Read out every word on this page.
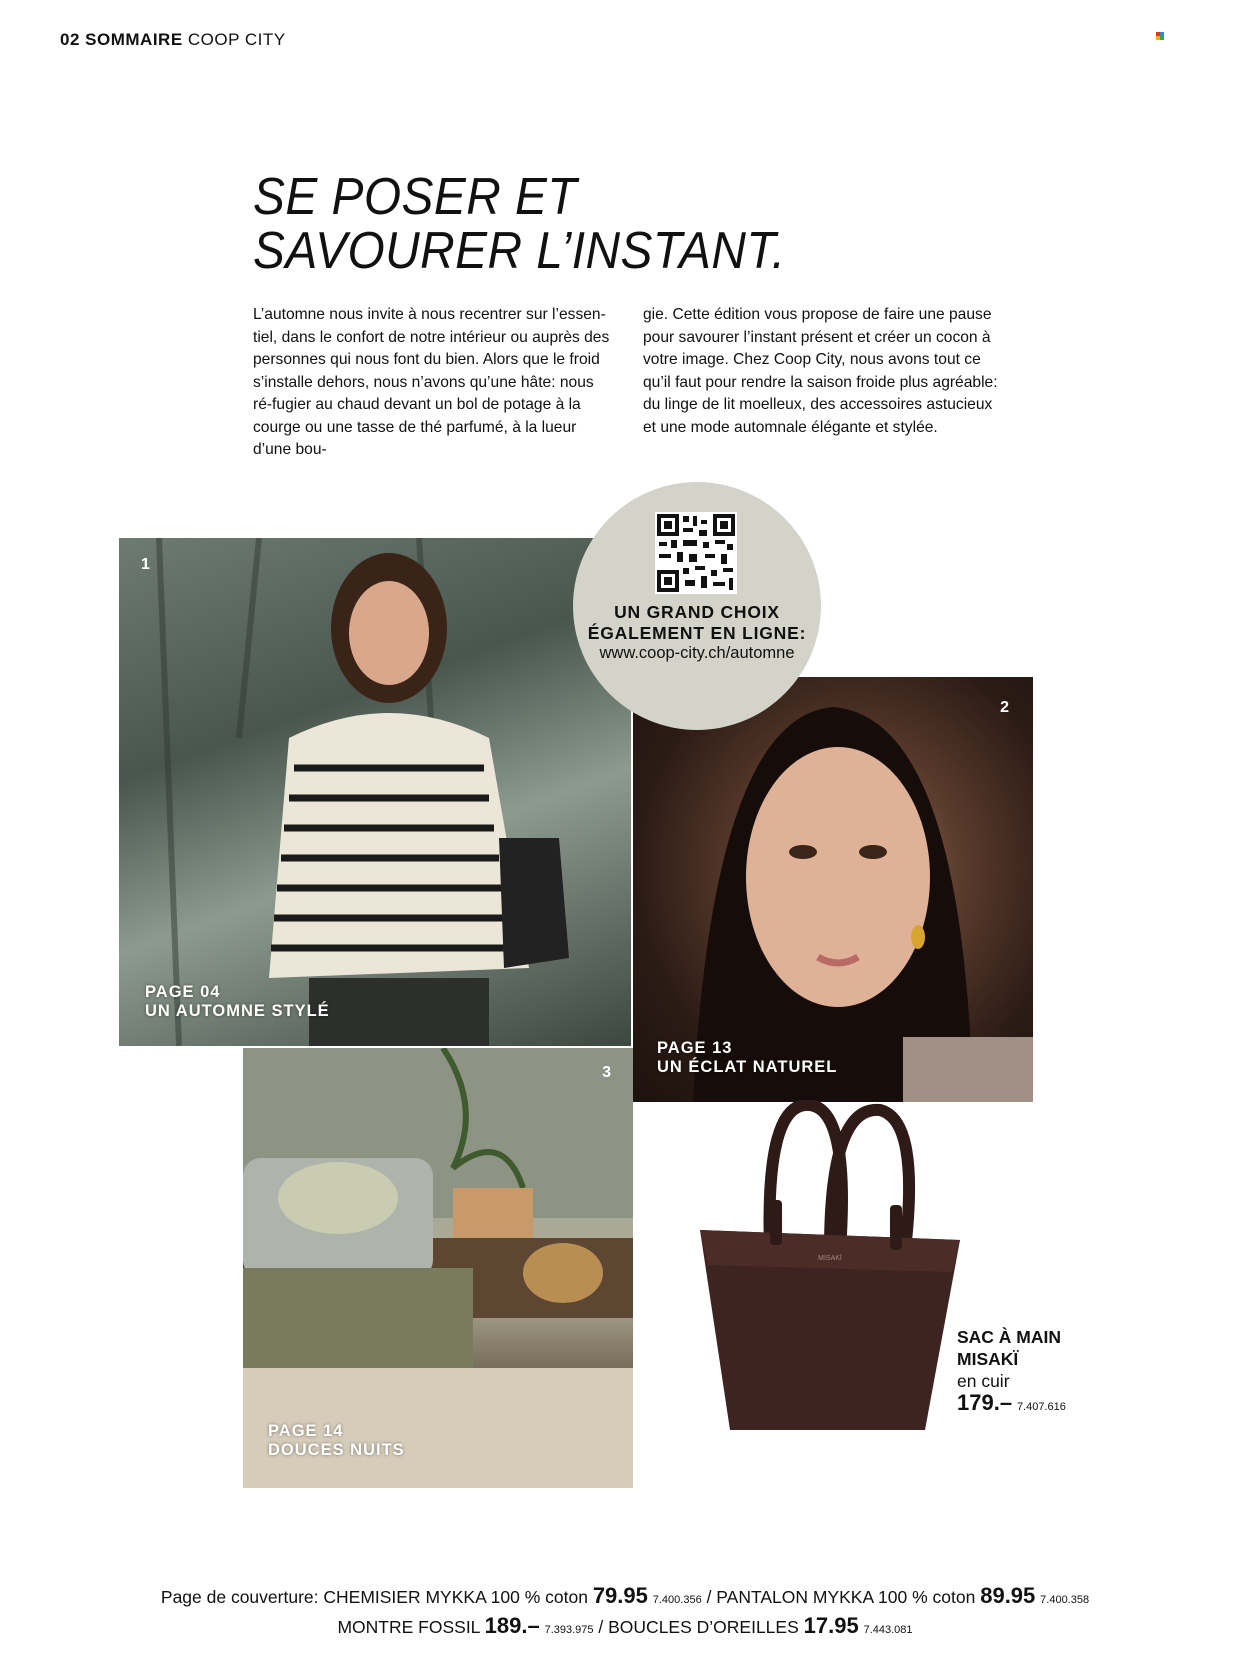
02 SOMMAIRE COOP CITY
SE POSER ET
SAVOURER L’INSTANT.
L’automne nous invite à nous recentrer sur l’essen-tiel, dans le confort de notre intérieur ou auprès des personnes qui nous font du bien. Alors que le froid s’installe dehors, nous n’avons qu’une hâte: nous ré-fugier au chaud devant un bol de potage à la courge ou une tasse de thé parfumé, à la lueur d’une bou-
gie. Cette édition vous propose de faire une pause pour savourer l’instant présent et créer un cocon à votre image. Chez Coop City, nous avons tout ce qu’il faut pour rendre la saison froide plus agréable: du linge de lit moelleux, des accessoires astucieux et une mode automnale élégante et stylée.
1
PAGE 04
UN AUTOMNE STYLÉ
2
PAGE 13
UN ÉCLAT NATUREL
3
PAGE 14
DOUCES NUITS
UN GRAND CHOIX
ÉGALEMENT EN LIGNE:
www.coop-city.ch/automne
MISAKÏ
SAC À MAIN
MISAKÏ
en cuir
179.– 7.407.616
Page de couverture: CHEMISIER MYKKA 100 % coton 79.95 7.400.356 / PANTALON MYKKA 100 % coton 89.95 7.400.358
MONTRE FOSSIL 189.– 7.393.975 / BOUCLES D’OREILLES 17.95 7.443.081
